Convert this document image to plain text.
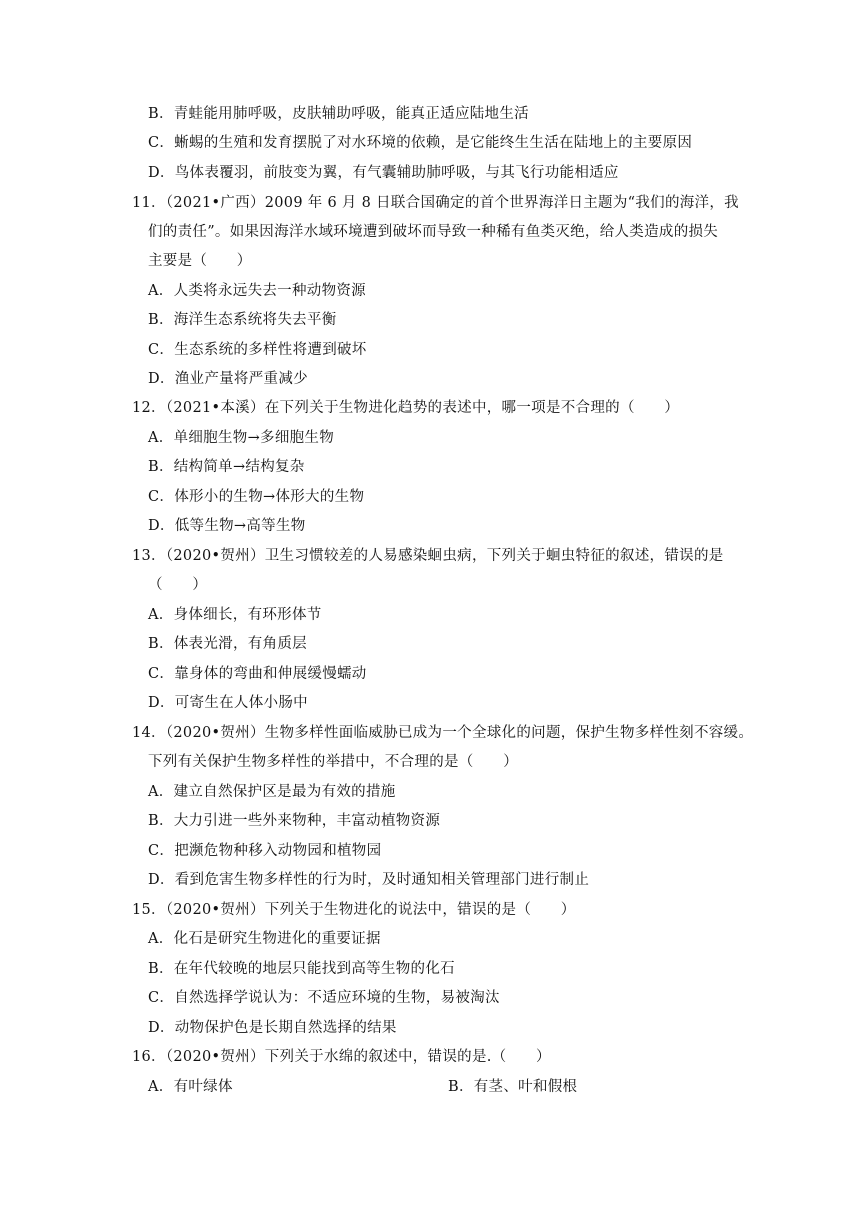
B．青蛙能用肺呼吸，皮肤辅助呼吸，能真正适应陆地生活
C．蜥蜴的生殖和发育摆脱了对水环境的依赖，是它能终生生活在陆地上的主要原因
D．鸟体表覆羽，前肢变为翼，有气囊辅助肺呼吸，与其飞行功能相适应
11．（2021•广西）2009 年 6 月 8 日联合国确定的首个世界海洋日主题为“我们的海洋，我
们的责任”。如果因海洋水域环境遭到破坏而导致一种稀有鱼类灭绝，给人类造成的损失
主要是（　　）
A．人类将永远失去一种动物资源
B．海洋生态系统将失去平衡
C．生态系统的多样性将遭到破坏
D．渔业产量将严重减少
12．（2021•本溪）在下列关于生物进化趋势的表述中，哪一项是不合理的（　　）
A．单细胞生物→多细胞生物
B．结构简单→结构复杂
C．体形小的生物→体形大的生物
D．低等生物→高等生物
13．（2020•贺州）卫生习惯较差的人易感染蛔虫病，下列关于蛔虫特征的叙述，错误的是
（　　）
A．身体细长，有环形体节
B．体表光滑，有角质层
C．靠身体的弯曲和伸展缓慢蠕动
D．可寄生在人体小肠中
14．（2020•贺州）生物多样性面临威胁已成为一个全球化的问题，保护生物多样性刻不容缓。
下列有关保护生物多样性的举措中，不合理的是（　　）
A．建立自然保护区是最为有效的措施
B．大力引进一些外来物种，丰富动植物资源
C．把濒危物种移入动物园和植物园
D．看到危害生物多样性的行为时，及时通知相关管理部门进行制止
15．（2020•贺州）下列关于生物进化的说法中，错误的是（　　）
A．化石是研究生物进化的重要证据
B．在年代较晚的地层只能找到高等生物的化石
C．自然选择学说认为：不适应环境的生物，易被淘汰
D．动物保护色是长期自然选择的结果
16．（2020•贺州）下列关于水绵的叙述中，错误的是.（　　）
A．有叶绿体	B．有茎、叶和假根
